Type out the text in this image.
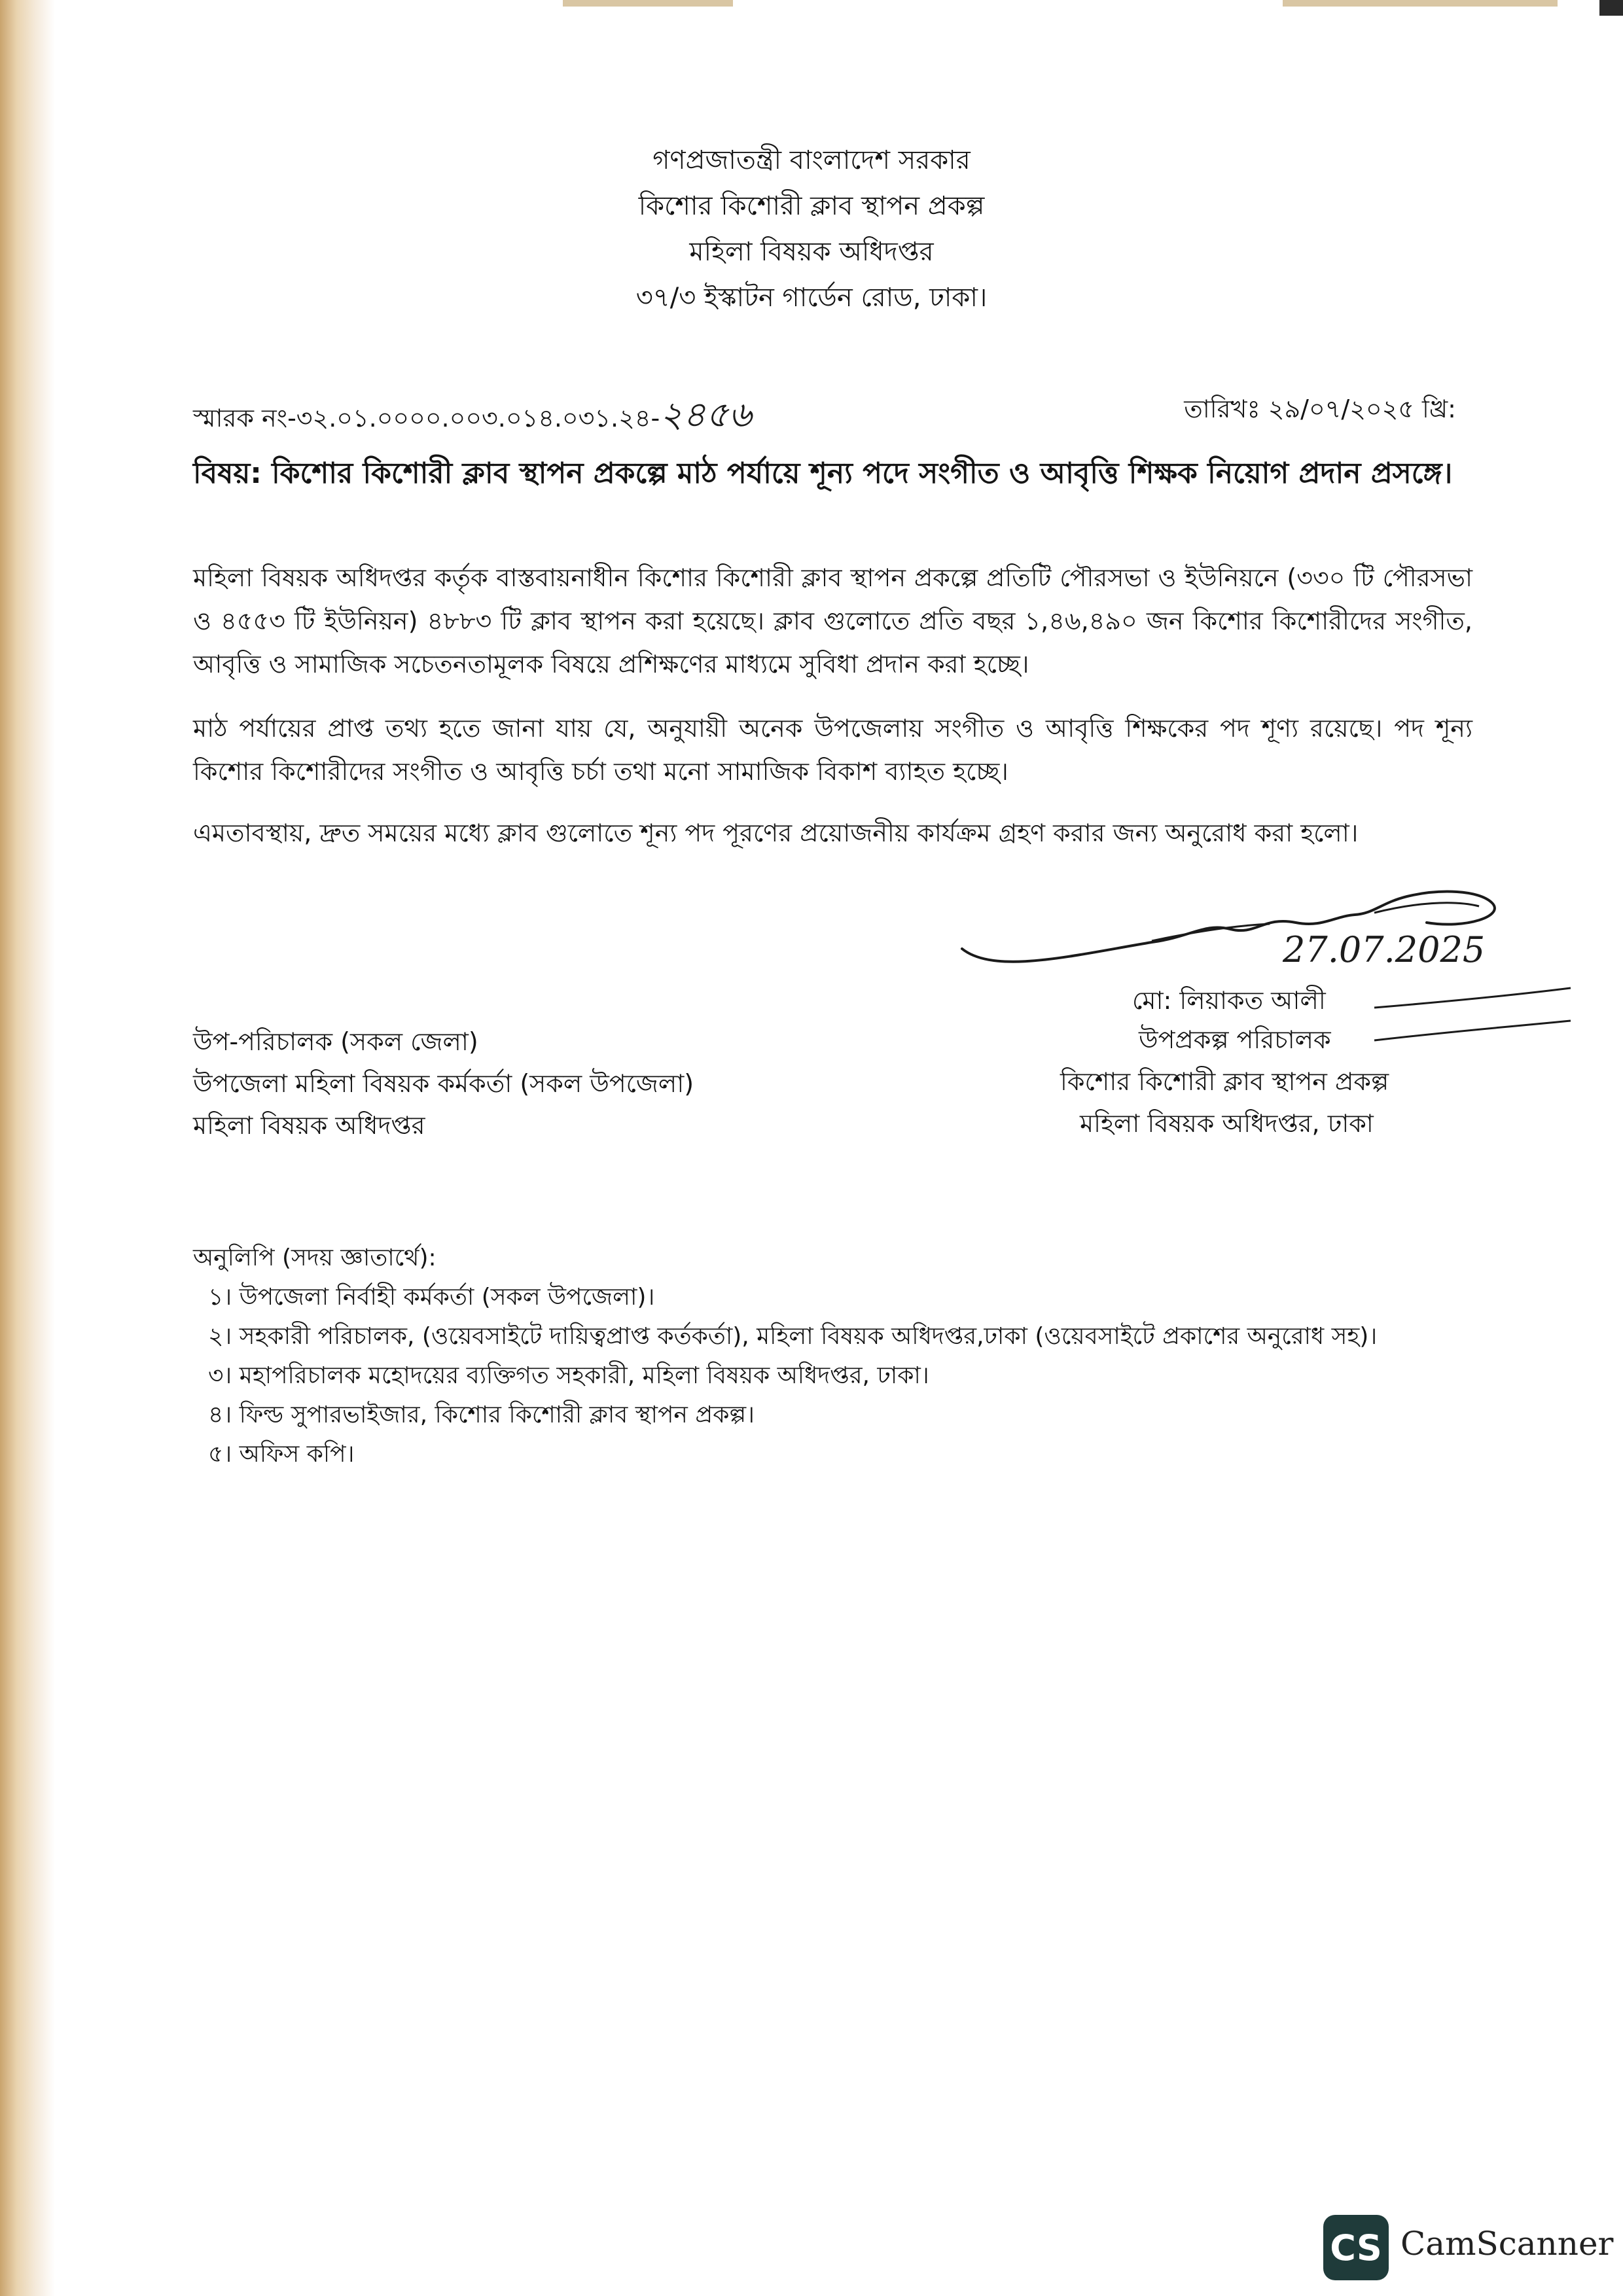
গণপ্রজাতন্ত্রী বাংলাদেশ সরকার
কিশোর কিশোরী ক্লাব স্থাপন প্রকল্প
মহিলা বিষয়ক অধিদপ্তর
৩৭/৩ ইস্কাটন গার্ডেন রোড, ঢাকা।
স্মারক নং-৩২.০১.০০০০.০০৩.০১৪.০৩১.২৪-২৪৫৬	তারিখঃ ২৯/০৭/২০২৫ খ্রি:
বিষয়: কিশোর কিশোরী ক্লাব স্থাপন প্রকল্পে মাঠ পর্যায়ে শূন্য পদে সংগীত ও আবৃত্তি শিক্ষক নিয়োগ প্রদান প্রসঙ্গে।
মহিলা বিষয়ক অধিদপ্তর কর্তৃক বাস্তবায়নাধীন কিশোর কিশোরী ক্লাব স্থাপন প্রকল্পে প্রতিটি পৌরসভা ও ইউনিয়নে (৩৩০ টি পৌরসভা ও ৪৫৫৩ টি ইউনিয়ন) ৪৮৮৩ টি ক্লাব স্থাপন করা হয়েছে। ক্লাব গুলোতে প্রতি বছর ১,৪৬,৪৯০ জন কিশোর কিশোরীদের সংগীত, আবৃত্তি ও সামাজিক সচেতনতামূলক বিষয়ে প্রশিক্ষণের মাধ্যমে সুবিধা প্রদান করা হচ্ছে।
মাঠ পর্যায়ের প্রাপ্ত তথ্য হতে জানা যায় যে, অনুযায়ী অনেক উপজেলায় সংগীত ও আবৃত্তি শিক্ষকের পদ শূণ্য রয়েছে। পদ শূন্য কিশোর কিশোরীদের সংগীত ও আবৃত্তি চর্চা তথা মনো সামাজিক বিকাশ ব্যাহত হচ্ছে।
এমতাবস্থায়, দ্রুত সময়ের মধ্যে ক্লাব গুলোতে শূন্য পদ পূরণের প্রয়োজনীয় কার্যক্রম গ্রহণ করার জন্য অনুরোধ করা হলো।
27.07.2025
মো: লিয়াকত আলী
উপপ্রকল্প পরিচালক
কিশোর কিশোরী ক্লাব স্থাপন প্রকল্প
মহিলা বিষয়ক অধিদপ্তর, ঢাকা
উপ-পরিচালক (সকল জেলা)
উপজেলা মহিলা বিষয়ক কর্মকর্তা (সকল উপজেলা)
মহিলা বিষয়ক অধিদপ্তর
অনুলিপি (সদয় জ্ঞাতার্থে):
১। উপজেলা নির্বাহী কর্মকর্তা (সকল উপজেলা)।
২। সহকারী পরিচালক, (ওয়েবসাইটে দায়িত্বপ্রাপ্ত কর্তকর্তা), মহিলা বিষয়ক অধিদপ্তর,ঢাকা (ওয়েবসাইটে প্রকাশের অনুরোধ সহ)।
৩। মহাপরিচালক মহোদয়ের ব্যক্তিগত সহকারী, মহিলা বিষয়ক অধিদপ্তর, ঢাকা।
৪। ফিল্ড সুপারভাইজার, কিশোর কিশোরী ক্লাব স্থাপন প্রকল্প।
৫। অফিস কপি।
CS CamScanner
